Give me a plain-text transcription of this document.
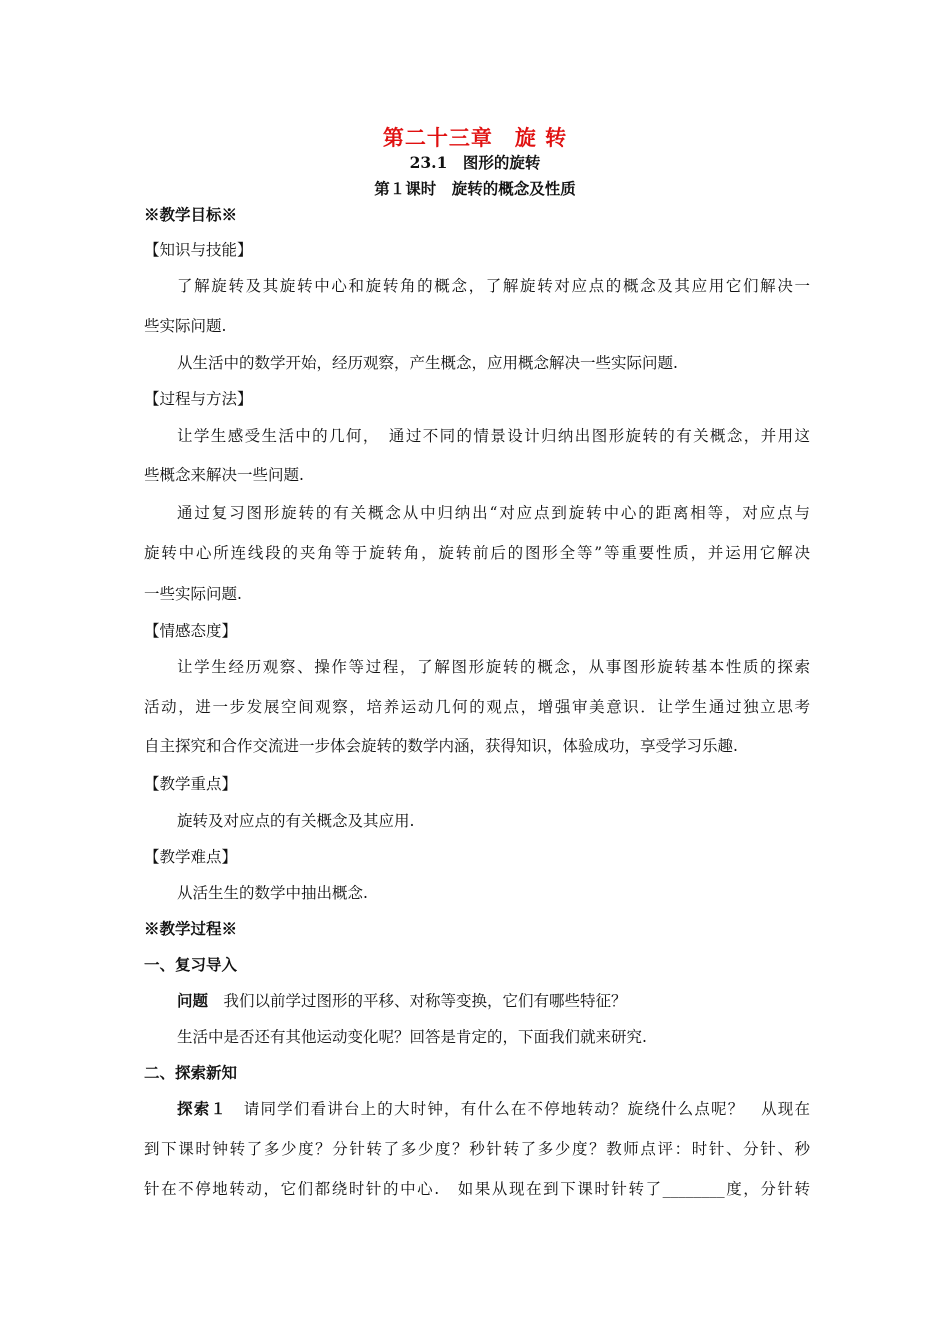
第二十三章　旋 转
23.1　图形的旋转
第１课时　旋转的概念及性质
※教学目标※
【知识与技能】
了解旋转及其旋转中心和旋转角的概念，了解旋转对应点的概念及其应用它们解决一
些实际问题.
从生活中的数学开始，经历观察，产生概念，应用概念解决一些实际问题.
【过程与方法】
让学生感受生活中的几何，　通过不同的情景设计归纳出图形旋转的有关概念，并用这
些概念来解决一些问题.
通过复习图形旋转的有关概念从中归纳出“对应点到旋转中心的距离相等，对应点与
旋转中心所连线段的夹角等于旋转角，旋转前后的图形全等”等重要性质，并运用它解决
一些实际问题.
【情感态度】
让学生经历观察、操作等过程，了解图形旋转的概念，从事图形旋转基本性质的探索
活动，进一步发展空间观察，培养运动几何的观点，增强审美意识．让学生通过独立思考
自主探究和合作交流进一步体会旋转的数学内涵，获得知识，体验成功，享受学习乐趣.
【教学重点】
旋转及对应点的有关概念及其应用.
【教学难点】
从活生生的数学中抽出概念.
※教学过程※
一、复习导入
问题　我们以前学过图形的平移、对称等变换，它们有哪些特征？
生活中是否还有其他运动变化呢？回答是肯定的，下面我们就来研究.
二、探索新知
探索１　请同学们看讲台上的大时钟，有什么在不停地转动？旋绕什么点呢？　从现在
到下课时钟转了多少度？分针转了多少度？秒针转了多少度？教师点评：时针、分针、秒
针在不停地转动，它们都绕时针的中心.　如果从现在到下课时针转了________度，分针转
